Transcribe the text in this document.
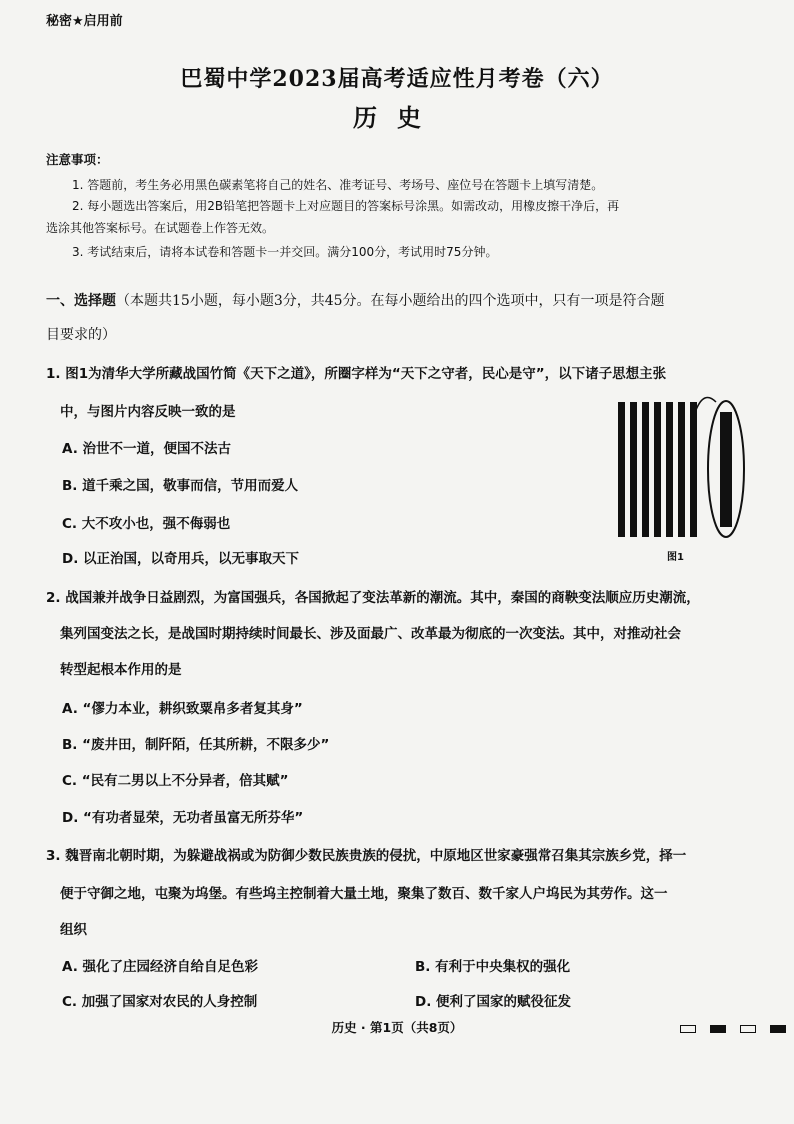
秘密★启用前
巴蜀中学2023届高考适应性月考卷（六）
历史
注意事项：
1. 答题前，考生务必用黑色碳素笔将自己的姓名、准考证号、考场号、座位号在答题卡上填写清楚。
2. 每小题选出答案后，用2B铅笔把答题卡上对应题目的答案标号涂黑。如需改动，用橡皮擦干净后，再
选涂其他答案标号。在试题卷上作答无效。
3. 考试结束后，请将本试卷和答题卡一并交回。满分100分，考试用时75分钟。
一、选择题（本题共15小题，每小题3分，共45分。在每小题给出的四个选项中，只有一项是符合题
目要求的）
1. 图1为清华大学所藏战国竹简《天下之道》，所圈字样为“天下之守者，民心是守”，以下诸子思想主张
中，与图片内容反映一致的是
A. 治世不一道，便国不法古
B. 道千乘之国，敬事而信，节用而爱人
C. 大不攻小也，强不侮弱也
D. 以正治国，以奇用兵，以无事取天下	图1
2. 战国兼并战争日益剧烈，为富国强兵，各国掀起了变法革新的潮流。其中，秦国的商鞅变法顺应历史潮流，
集列国变法之长，是战国时期持续时间最长、涉及面最广、改革最为彻底的一次变法。其中，对推动社会
转型起根本作用的是
A. “僇力本业，耕织致粟帛多者复其身”
B. “废井田，制阡陌，任其所耕，不限多少”
C. “民有二男以上不分异者，倍其赋”
D. “有功者显荣，无功者虽富无所芬华”
3. 魏晋南北朝时期，为躲避战祸或为防御少数民族贵族的侵扰，中原地区世家豪强常召集其宗族乡党，择一
便于守御之地，屯聚为坞堡。有些坞主控制着大量土地，聚集了数百、数千家人户坞民为其劳作。这一
组织
A. 强化了庄园经济自给自足色彩	B. 有利于中央集权的强化
C. 加强了国家对农民的人身控制	D. 便利了国家的赋役征发
历史 · 第1页（共8页）
